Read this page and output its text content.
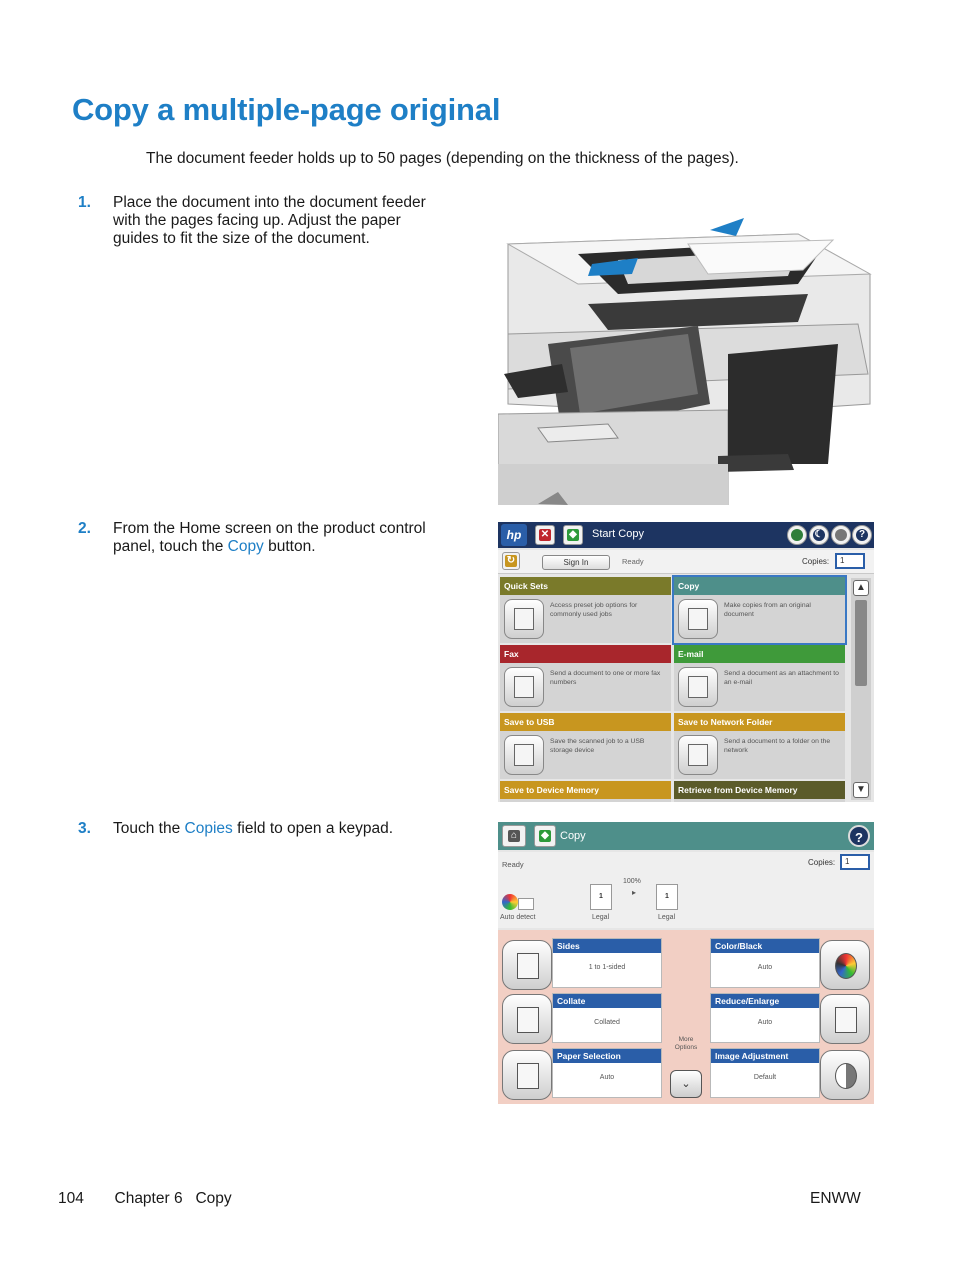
Copy a multiple-page original

The document feeder holds up to 50 pages (depending on the thickness of the pages).

1. Place the document into the document feeder with the pages facing up. Adjust the paper guides to fit the size of the document.
2. From the Home screen on the product control panel, touch the Copy button.
hp	✕ ◆ Start Copy	☾	?
↻	Sign In	Ready	Copies:	1
Quick Sets
Access preset job options for commonly used jobs
Copy
Make copies from an original document
Fax
Send a document to one or more fax numbers
E-mail
Send a document as an attachment to an e-mail
Save to USB
Save the scanned job to a USB storage device
Save to Network Folder
Send a document to a folder on the network
Save to Device Memory	Retrieve from Device Memory
▲
▼
3. Touch the Copies field to open a keypad.	⌂ ◆ Copy	?
Ready	Copies:	1
Auto detect
1
Legal
100%
▸	1
Legal
Sides
1 to 1-sided
Color/Black
Auto
Collate
Collated
Reduce/Enlarge
Auto
Paper Selection
Auto
Image Adjustment
Default
More Options
⌄
104 Chapter 6   Copy	ENWW
